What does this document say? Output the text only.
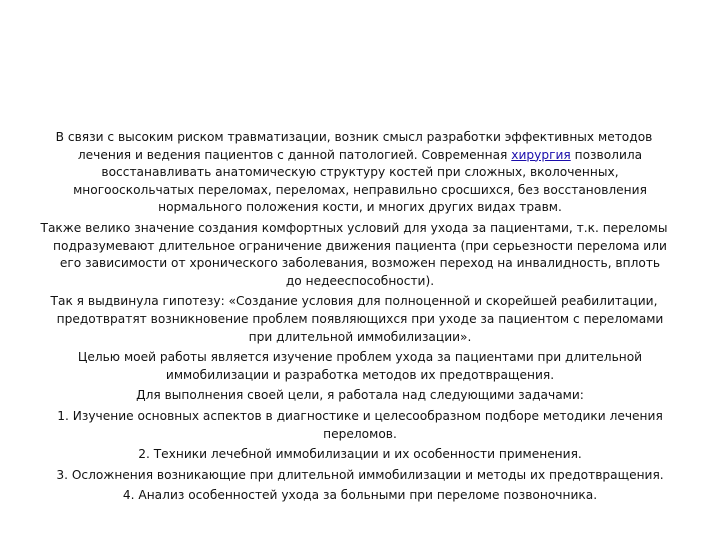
В связи с высоким риском травматизации, возник смысл разработки эффективных методов лечения и ведения пациентов с данной патологией. Современная хирургия позволила восстанавливать анатомическую структуру костей при сложных, вколоченных, многооскольчатых переломах, переломах, неправильно сросшихся, без восстановления нормального положения кости, и многих других видах травм.

Также велико значение создания комфортных условий для ухода за пациентами, т.к. переломы подразумевают длительное ограничение движения пациента (при серьезности перелома или его зависимости от хронического заболевания, возможен переход на инвалидность, вплоть до недееспособности).

Так я выдвинула гипотезу: «Создание условия для полноценной и скорейшей реабилитации, предотвратят возникновение проблем появляющихся при уходе за пациентом с переломами при длительной иммобилизации».

Целью моей работы является изучение проблем ухода за пациентами при длительной иммобилизации и разработка методов их предотвращения.

Для выполнения своей цели, я работала над следующими задачами:

1. Изучение основных аспектов в диагностике и целесообразном подборе методики лечения переломов.

2. Техники лечебной иммобилизации и их особенности применения.

3. Осложнения возникающие при длительной иммобилизации и методы их предотвращения.

4. Анализ особенностей ухода за больными при переломе позвоночника.
